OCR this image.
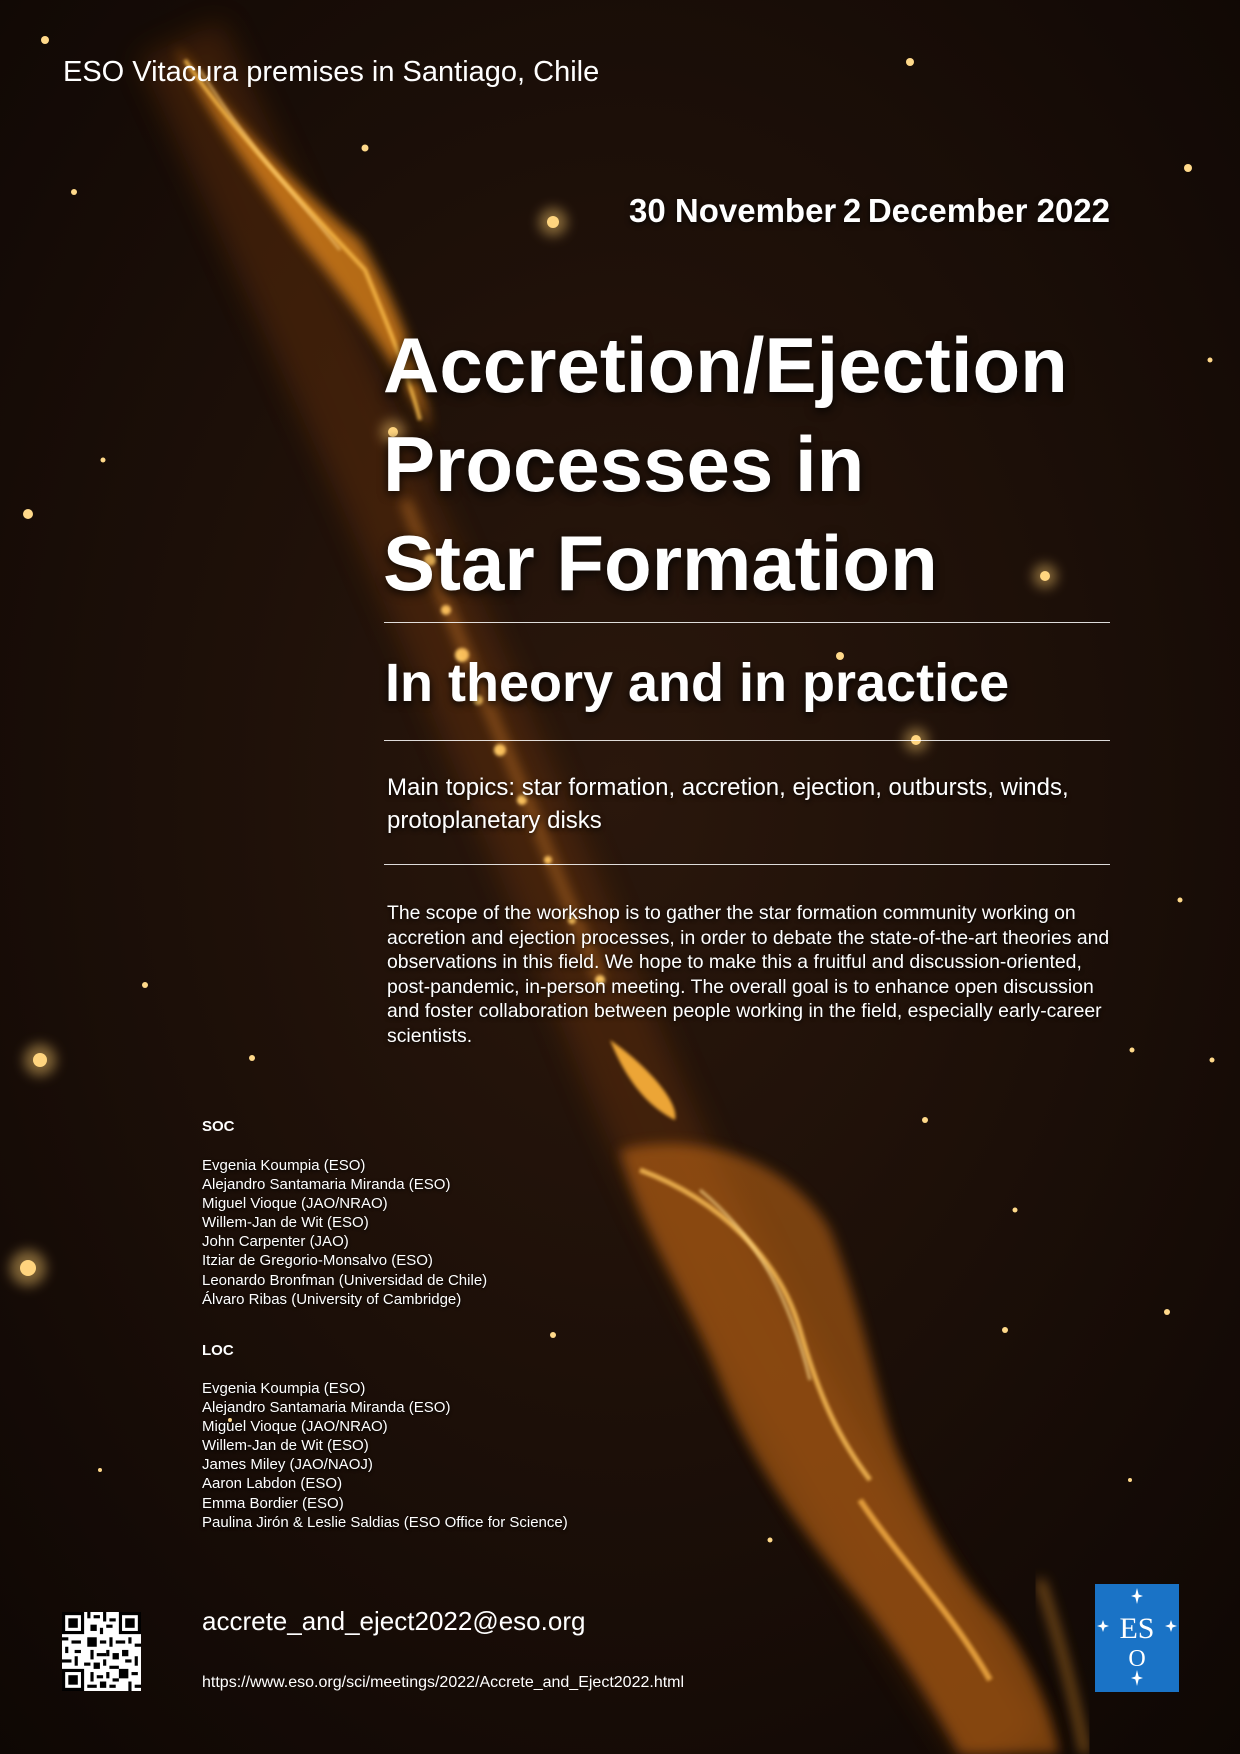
ESO Vitacura premises in Santiago, Chile

30 November 2 December 2022

Accretion/Ejection
Processes in
Star Formation
In theory and in practice

Main topics: star formation, accretion, ejection, outbursts, winds, protoplanetary disks

The scope of the workshop is to gather the star formation community working on accretion and ejection processes, in order to debate the state-of-the-art theories and observations in this field. We hope to make this a fruitful and discussion-oriented, post-pandemic, in-person meeting. The overall goal is to enhance open discussion and foster collaboration between people working in the field, especially early-career scientists.

SOC

Evgenia Koumpia (ESO)
Alejandro Santamaria Miranda (ESO)
Miguel Vioque (JAO/NRAO)
Willem-Jan de Wit (ESO)
John Carpenter (JAO)
Itziar de Gregorio-Monsalvo (ESO)
Leonardo Bronfman (Universidad de Chile)
Álvaro Ribas (University of Cambridge)

LOC

Evgenia Koumpia (ESO)
Alejandro Santamaria Miranda (ESO)
Miguel Vioque (JAO/NRAO)
Willem-Jan de Wit (ESO)
James Miley (JAO/NAOJ)
Aaron Labdon (ESO)
Emma Bordier (ESO)
Paulina Jirón & Leslie Saldias (ESO Office for Science)

accrete_and_eject2022@eso.org

https://www.eso.org/sci/meetings/2022/Accrete_and_Eject2022.html

ES
O
